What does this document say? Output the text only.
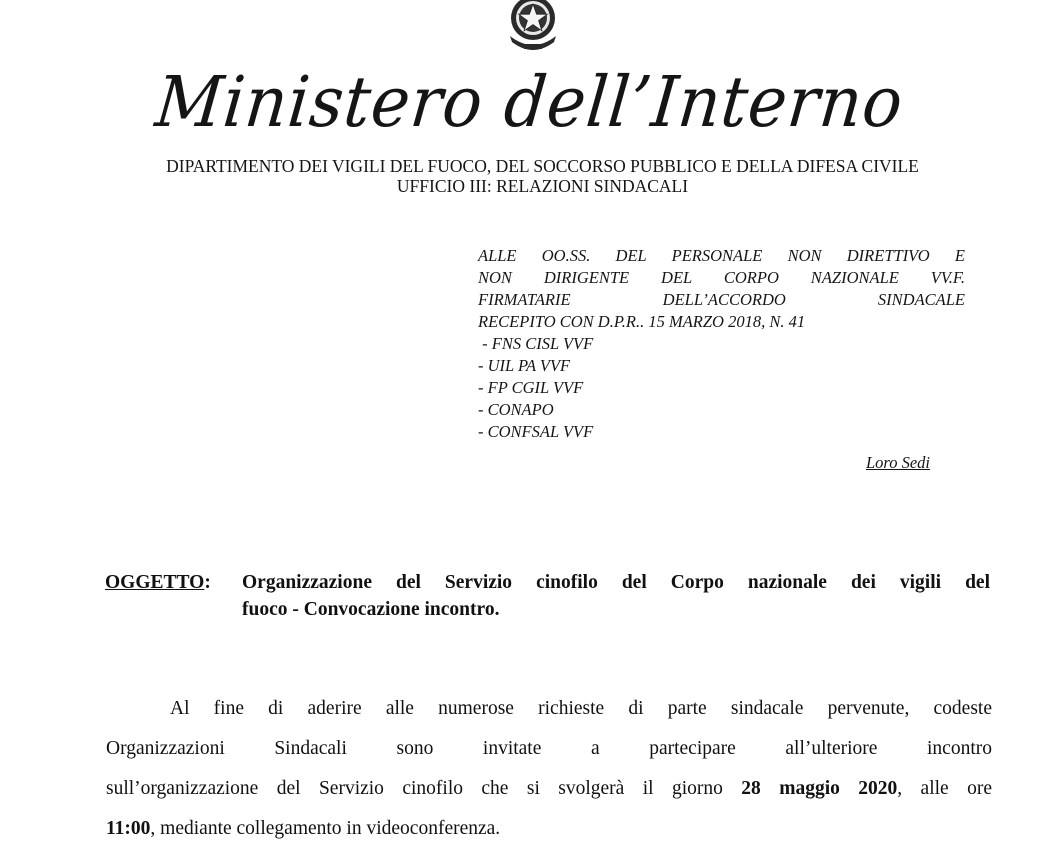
Ministero dell’Interno
DIPARTIMENTO DEI VIGILI DEL FUOCO, DEL SOCCORSO PUBBLICO E DELLA DIFESA CIVILE
UFFICIO III: RELAZIONI SINDACALI
ALLE OO.SS. DEL PERSONALE NON DIRETTIVO E
NON DIRIGENTE DEL CORPO NAZIONALE VV.F.
FIRMATARIE DELL’ACCORDO SINDACALE
RECEPITO CON D.P.R.. 15 MARZO 2018, N. 41
- FNS CISL VVF
- UIL PA VVF
- FP CGIL VVF
- CONAPO
- CONFSAL VVF
Loro Sedi
OGGETTO: Organizzazione del Servizio cinofilo del Corpo nazionale dei vigili del
fuoco - Convocazione incontro.
Al fine di aderire alle numerose richieste di parte sindacale pervenute, codeste
Organizzazioni Sindacali sono invitate a partecipare all’ulteriore incontro
sull’organizzazione del Servizio cinofilo che si svolgerà il giorno 28 maggio 2020, alle ore
11:00, mediante collegamento in videoconferenza.
